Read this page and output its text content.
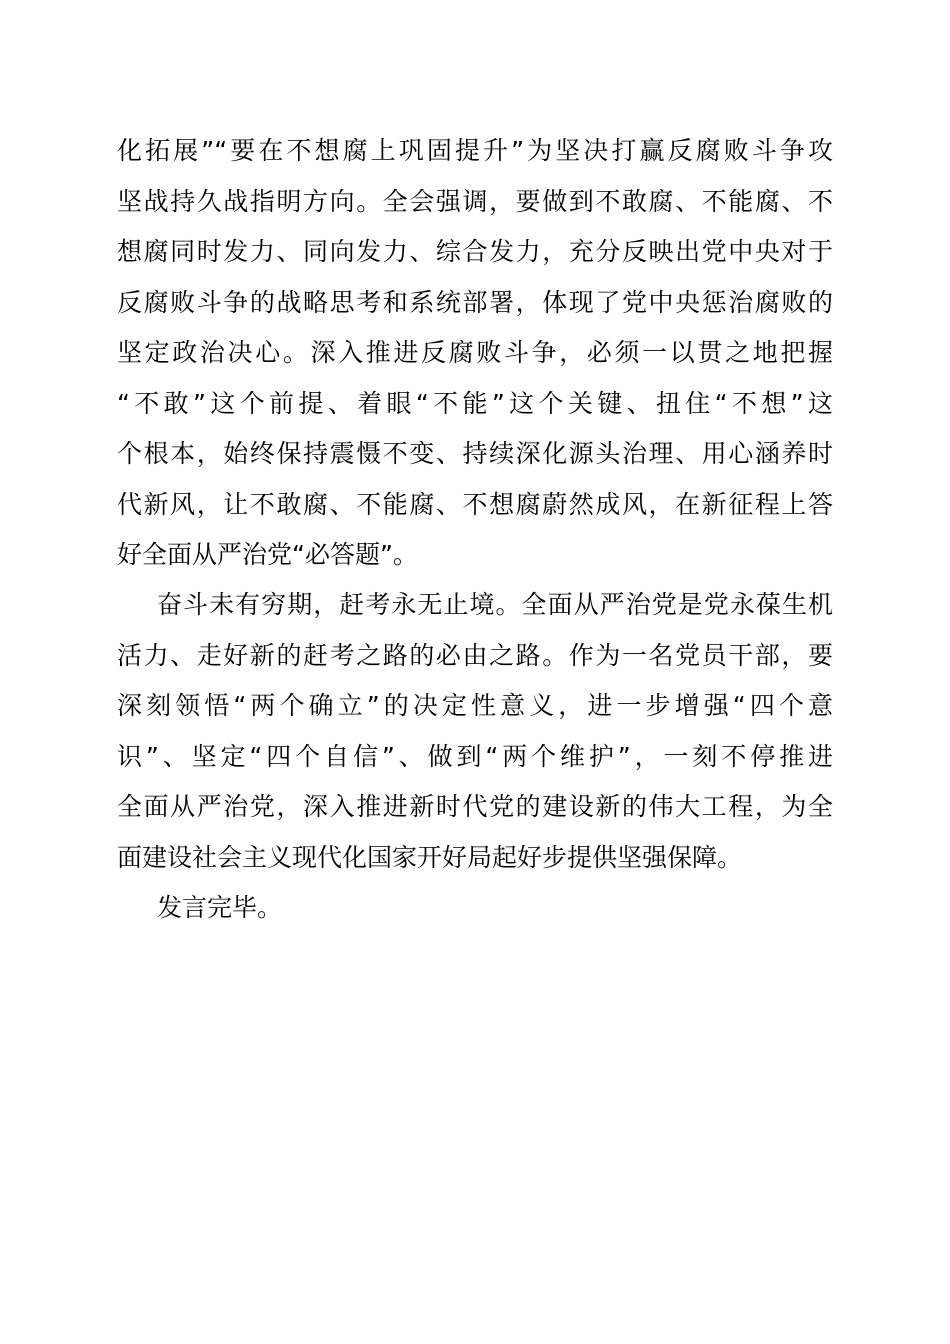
化拓展”“要在不想腐上巩固提升”为坚决打赢反腐败斗争攻
坚战持久战指明方向。全会强调，要做到不敢腐、不能腐、不
想腐同时发力、同向发力、综合发力，充分反映出党中央对于
反腐败斗争的战略思考和系统部署，体现了党中央惩治腐败的
坚定政治决心。深入推进反腐败斗争，必须一以贯之地把握
“不敢”这个前提、着眼“不能”这个关键、扭住“不想”这
个根本，始终保持震慑不变、持续深化源头治理、用心涵养时
代新风，让不敢腐、不能腐、不想腐蔚然成风，在新征程上答
好全面从严治党“必答题”。
奋斗未有穷期，赶考永无止境。全面从严治党是党永葆生机
活力、走好新的赶考之路的必由之路。作为一名党员干部，要
深刻领悟“两个确立”的决定性意义，进一步增强“四个意
识”、坚定“四个自信”、做到“两个维护”，一刻不停推进
全面从严治党，深入推进新时代党的建设新的伟大工程，为全
面建设社会主义现代化国家开好局起好步提供坚强保障。
发言完毕。
